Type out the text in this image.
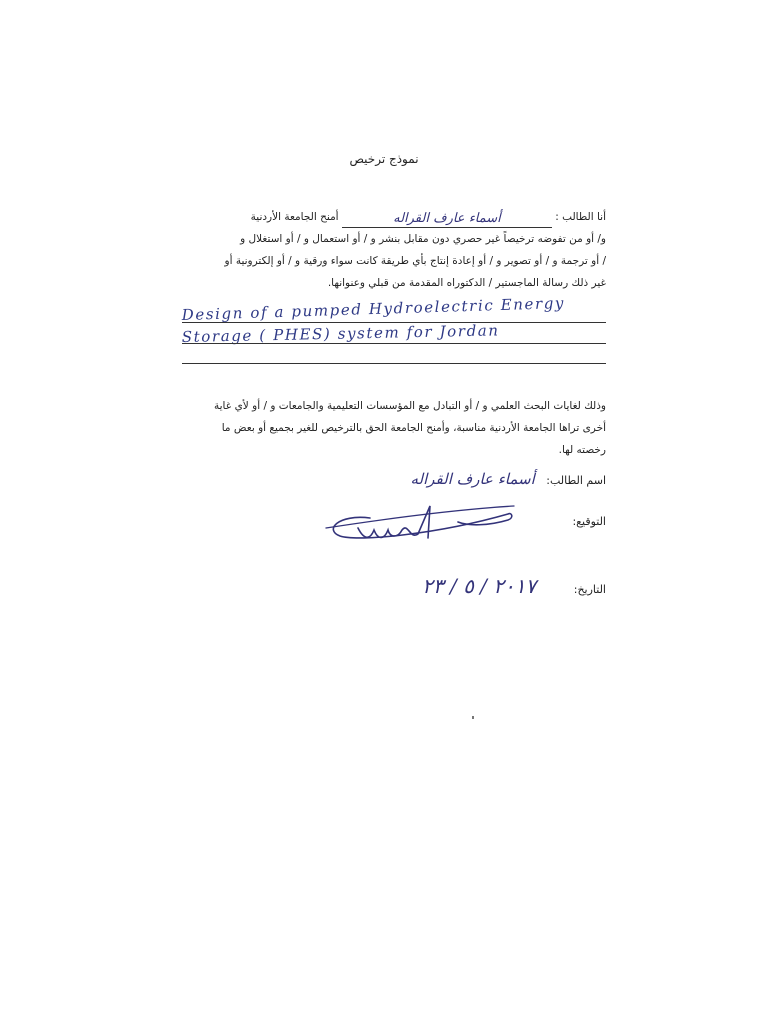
نموذج ترخيص
أنا الطالب : أسماء عارف القراله أمنح الجامعة الأردنية
و/ أو من تفوضه ترخيصاً غير حصري دون مقابل بنشر و / أو استعمال و / أو استغلال و
/ أو ترجمة و / أو تصوير و / أو إعادة إنتاج بأي طريقة كانت سواء ورقية و / أو إلكترونية أو
غير ذلك رسالة الماجستير / الدكتوراه المقدمة من قبلي وعنوانها.
Design of a pumped Hydroelectric Energy
Storage ( PHES) system for Jordan
وذلك لغايات البحث العلمي و / أو التبادل مع المؤسسات التعليمية والجامعات و / أو لأي غاية
أخرى تراها الجامعة الأردنية مناسبة، وأمنح الجامعة الحق بالترخيص للغير بجميع أو بعض ما
رخصته لها.
اسم الطالب: أسماء عارف القراله
التوقيع:
التاريخ: ٢٠١٧ / ٥ / ٢٣
